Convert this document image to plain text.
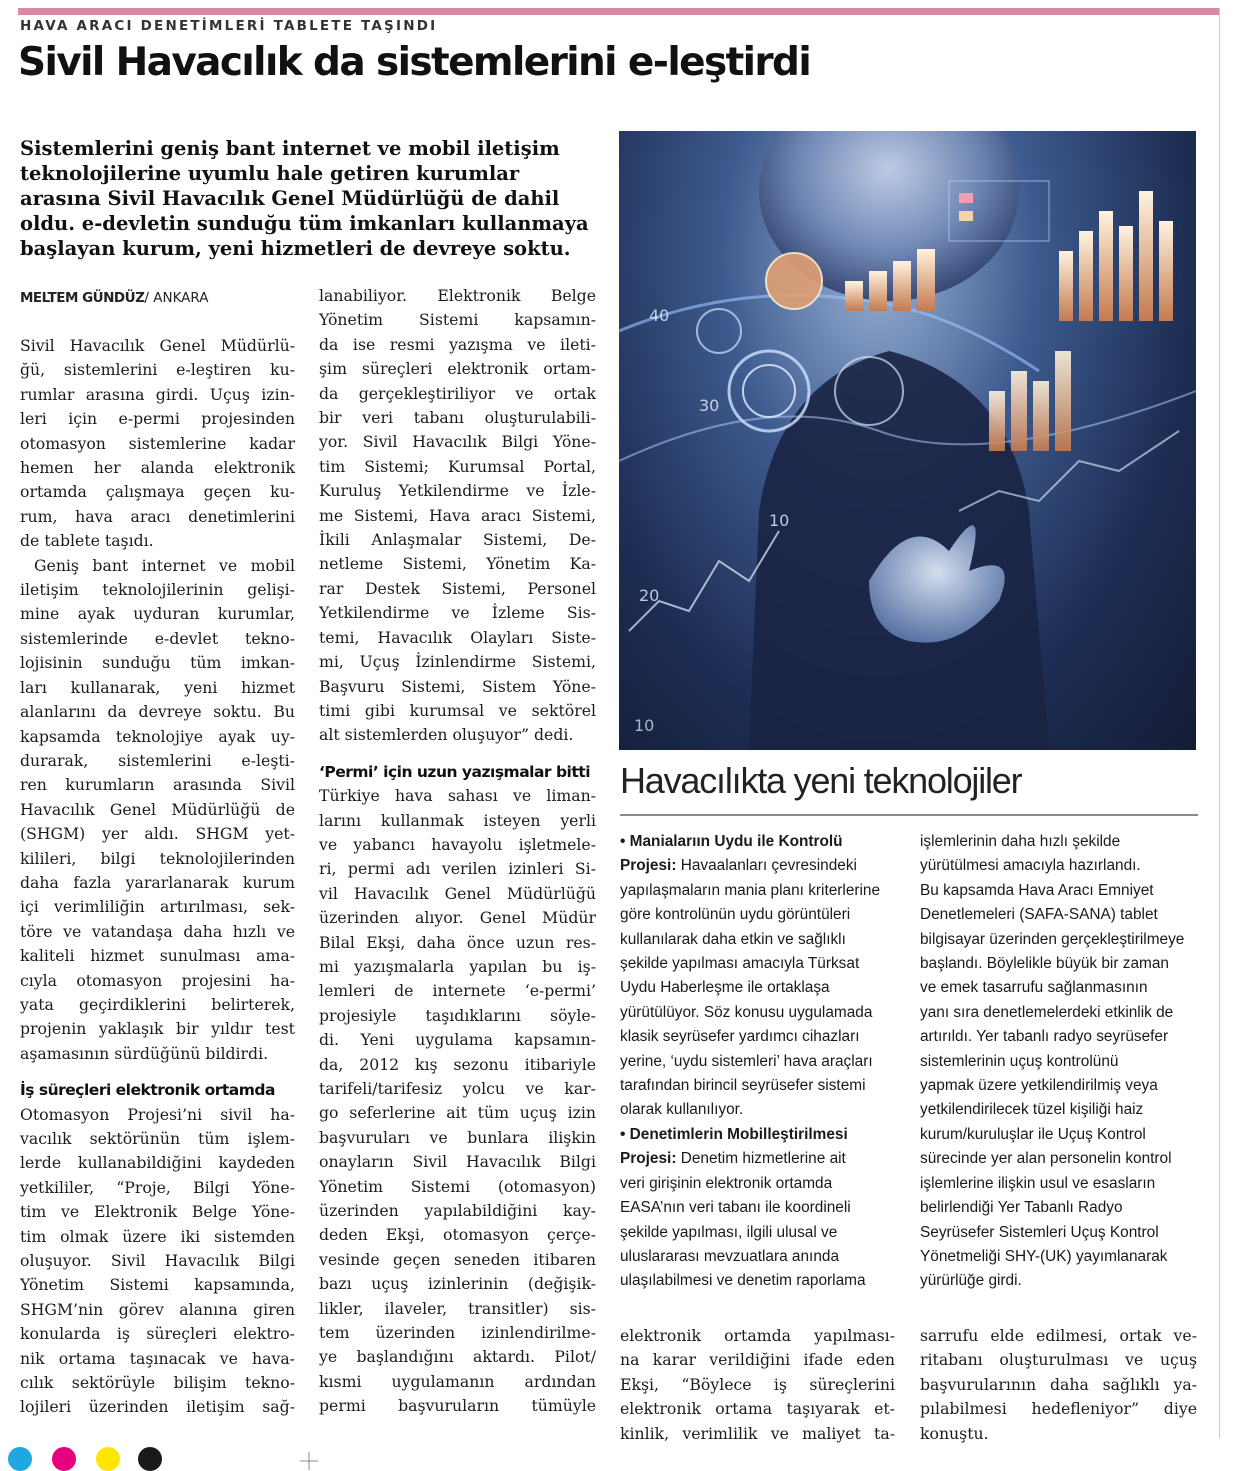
HAVA ARACI DENETİMLERİ TABLETE TAŞINDI
Sivil Havacılık da sistemlerini e-leştirdi
Sistemlerini geniş bant internet ve mobil iletişim
teknolojilerine uyumlu hale getiren kurumlar
arasına Sivil Havacılık Genel Müdürlüğü de dahil
oldu. e-devletin sunduğu tüm imkanları kullanmaya
başlayan kurum, yeni hizmetleri de devreye soktu.
MELTEM GÜNDÜZ/ ANKARA
Sivil Havacılık Genel Müdürlü-
ğü, sistemlerini e-leştiren ku-
rumlar arasına girdi. Uçuş izin-
leri için e-permi projesinden
otomasyon sistemlerine kadar
hemen her alanda elektronik
ortamda çalışmaya geçen ku-
rum, hava aracı denetimlerini
de tablete taşıdı.
Geniş bant internet ve mobil
iletişim teknolojilerinin gelişi-
mine ayak uyduran kurumlar,
sistemlerinde e-devlet tekno-
lojisinin sunduğu tüm imkan-
ları kullanarak, yeni hizmet
alanlarını da devreye soktu. Bu
kapsamda teknolojiye ayak uy-
durarak, sistemlerini e-leşti-
ren kurumların arasında Sivil
Havacılık Genel Müdürlüğü de
(SHGM) yer aldı. SHGM yet-
kilileri, bilgi teknolojilerinden
daha fazla yararlanarak kurum
içi verimliliğin artırılması, sek-
töre ve vatandaşa daha hızlı ve
kaliteli hizmet sunulması ama-
cıyla otomasyon projesini ha-
yata geçirdiklerini belirterek,
projenin yaklaşık bir yıldır test
aşamasının sürdüğünü bildirdi.
İş süreçleri elektronik ortamda
Otomasyon Projesi’ni sivil ha-
vacılık sektörünün tüm işlem-
lerde kullanabildiğini kaydeden
yetkililer, “Proje, Bilgi Yöne-
tim ve Elektronik Belge Yöne-
tim olmak üzere iki sistemden
oluşuyor. Sivil Havacılık Bilgi
Yönetim Sistemi kapsamında,
SHGM’nin görev alanına giren
konularda iş süreçleri elektro-
nik ortama taşınacak ve hava-
cılık sektörüyle bilişim tekno-
lojileri üzerinden iletişim sağ-
lanabiliyor. Elektronik Belge
Yönetim Sistemi kapsamın-
da ise resmi yazışma ve ileti-
şim süreçleri elektronik ortam-
da gerçekleştiriliyor ve ortak
bir veri tabanı oluşturulabili-
yor. Sivil Havacılık Bilgi Yöne-
tim Sistemi; Kurumsal Portal,
Kuruluş Yetkilendirme ve İzle-
me Sistemi, Hava aracı Sistemi,
İkili Anlaşmalar Sistemi, De-
netleme Sistemi, Yönetim Ka-
rar Destek Sistemi, Personel
Yetkilendirme ve İzleme Sis-
temi, Havacılık Olayları Siste-
mi, Uçuş İzinlendirme Sistemi,
Başvuru Sistemi, Sistem Yöne-
timi gibi kurumsal ve sektörel
alt sistemlerden oluşuyor” dedi.
‘Permi’ için uzun yazışmalar bitti
Türkiye hava sahası ve liman-
larını kullanmak isteyen yerli
ve yabancı havayolu işletmele-
ri, permi adı verilen izinleri Si-
vil Havacılık Genel Müdürlüğü
üzerinden alıyor. Genel Müdür
Bilal Ekşi, daha önce uzun res-
mi yazışmalarla yapılan bu iş-
lemleri de internete ‘e-permi’
projesiyle taşıdıklarını söyle-
di. Yeni uygulama kapsamın-
da, 2012 kış sezonu itibariyle
tarifeli/tarifesiz yolcu ve kar-
go seferlerine ait tüm uçuş izin
başvuruları ve bunlara ilişkin
onayların Sivil Havacılık Bilgi
Yönetim Sistemi (otomasyon)
üzerinden yapılabildiğini kay-
deden Ekşi, otomasyon çerçe-
vesinde geçen seneden itibaren
bazı uçuş izinlerinin (değişik-
likler, ilaveler, transitler) sis-
tem üzerinden izinlendirilme-
ye başlandığını aktardı. Pilot/
kısmi uygulamanın ardından
permi başvuruların tümüyle
40
30
20
10
10
Havacılıkta yeni teknolojiler
• Manialarıın Uydu ile Kontrolü
Projesi: Havaalanları çevresindeki
yapılaşmaların mania planı kriterlerine
göre kontrolünün uydu görüntüleri
kullanılarak daha etkin ve sağlıklı
şekilde yapılması amacıyla Türksat
Uydu Haberleşme ile ortaklaşa
yürütülüyor. Söz konusu uygulamada
klasik seyrüsefer yardımcı cihazları
yerine, ‘uydu sistemleri’ hava araçları
tarafından birincil seyrüsefer sistemi
olarak kullanılıyor.
• Denetimlerin Mobilleştirilmesi
Projesi: Denetim hizmetlerine ait
veri girişinin elektronik ortamda
EASA’nın veri tabanı ile koordineli
şekilde yapılması, ilgili ulusal ve
uluslararası mevzuatlara anında
ulaşılabilmesi ve denetim raporlama
işlemlerinin daha hızlı şekilde
yürütülmesi amacıyla hazırlandı.
Bu kapsamda Hava Aracı Emniyet
Denetlemeleri (SAFA-SANA) tablet
bilgisayar üzerinden gerçekleştirilmeye
başlandı. Böylelikle büyük bir zaman
ve emek tasarrufu sağlanmasının
yanı sıra denetlemelerdeki etkinlik de
artırıldı. Yer tabanlı radyo seyrüsefer
sistemlerinin uçuş kontrolünü
yapmak üzere yetkilendirilmiş veya
yetkilendirilecek tüzel kişiliği haiz
kurum/kuruluşlar ile Uçuş Kontrol
sürecinde yer alan personelin kontrol
işlemlerine ilişkin usul ve esasların
belirlendiği Yer Tabanlı Radyo
Seyrüsefer Sistemleri Uçuş Kontrol
Yönetmeliği SHY-(UK) yayımlanarak
yürürlüğe girdi.
elektronik ortamda yapılması-
na karar verildiğini ifade eden
Ekşi, “Böylece iş süreçlerini
elektronik ortama taşıyarak et-
kinlik, verimlilik ve maliyet ta-
sarrufu elde edilmesi, ortak ve-
ritabanı oluşturulması ve uçuş
başvurularının daha sağlıklı ya-
pılabilmesi hedefleniyor” diye
konuştu.
